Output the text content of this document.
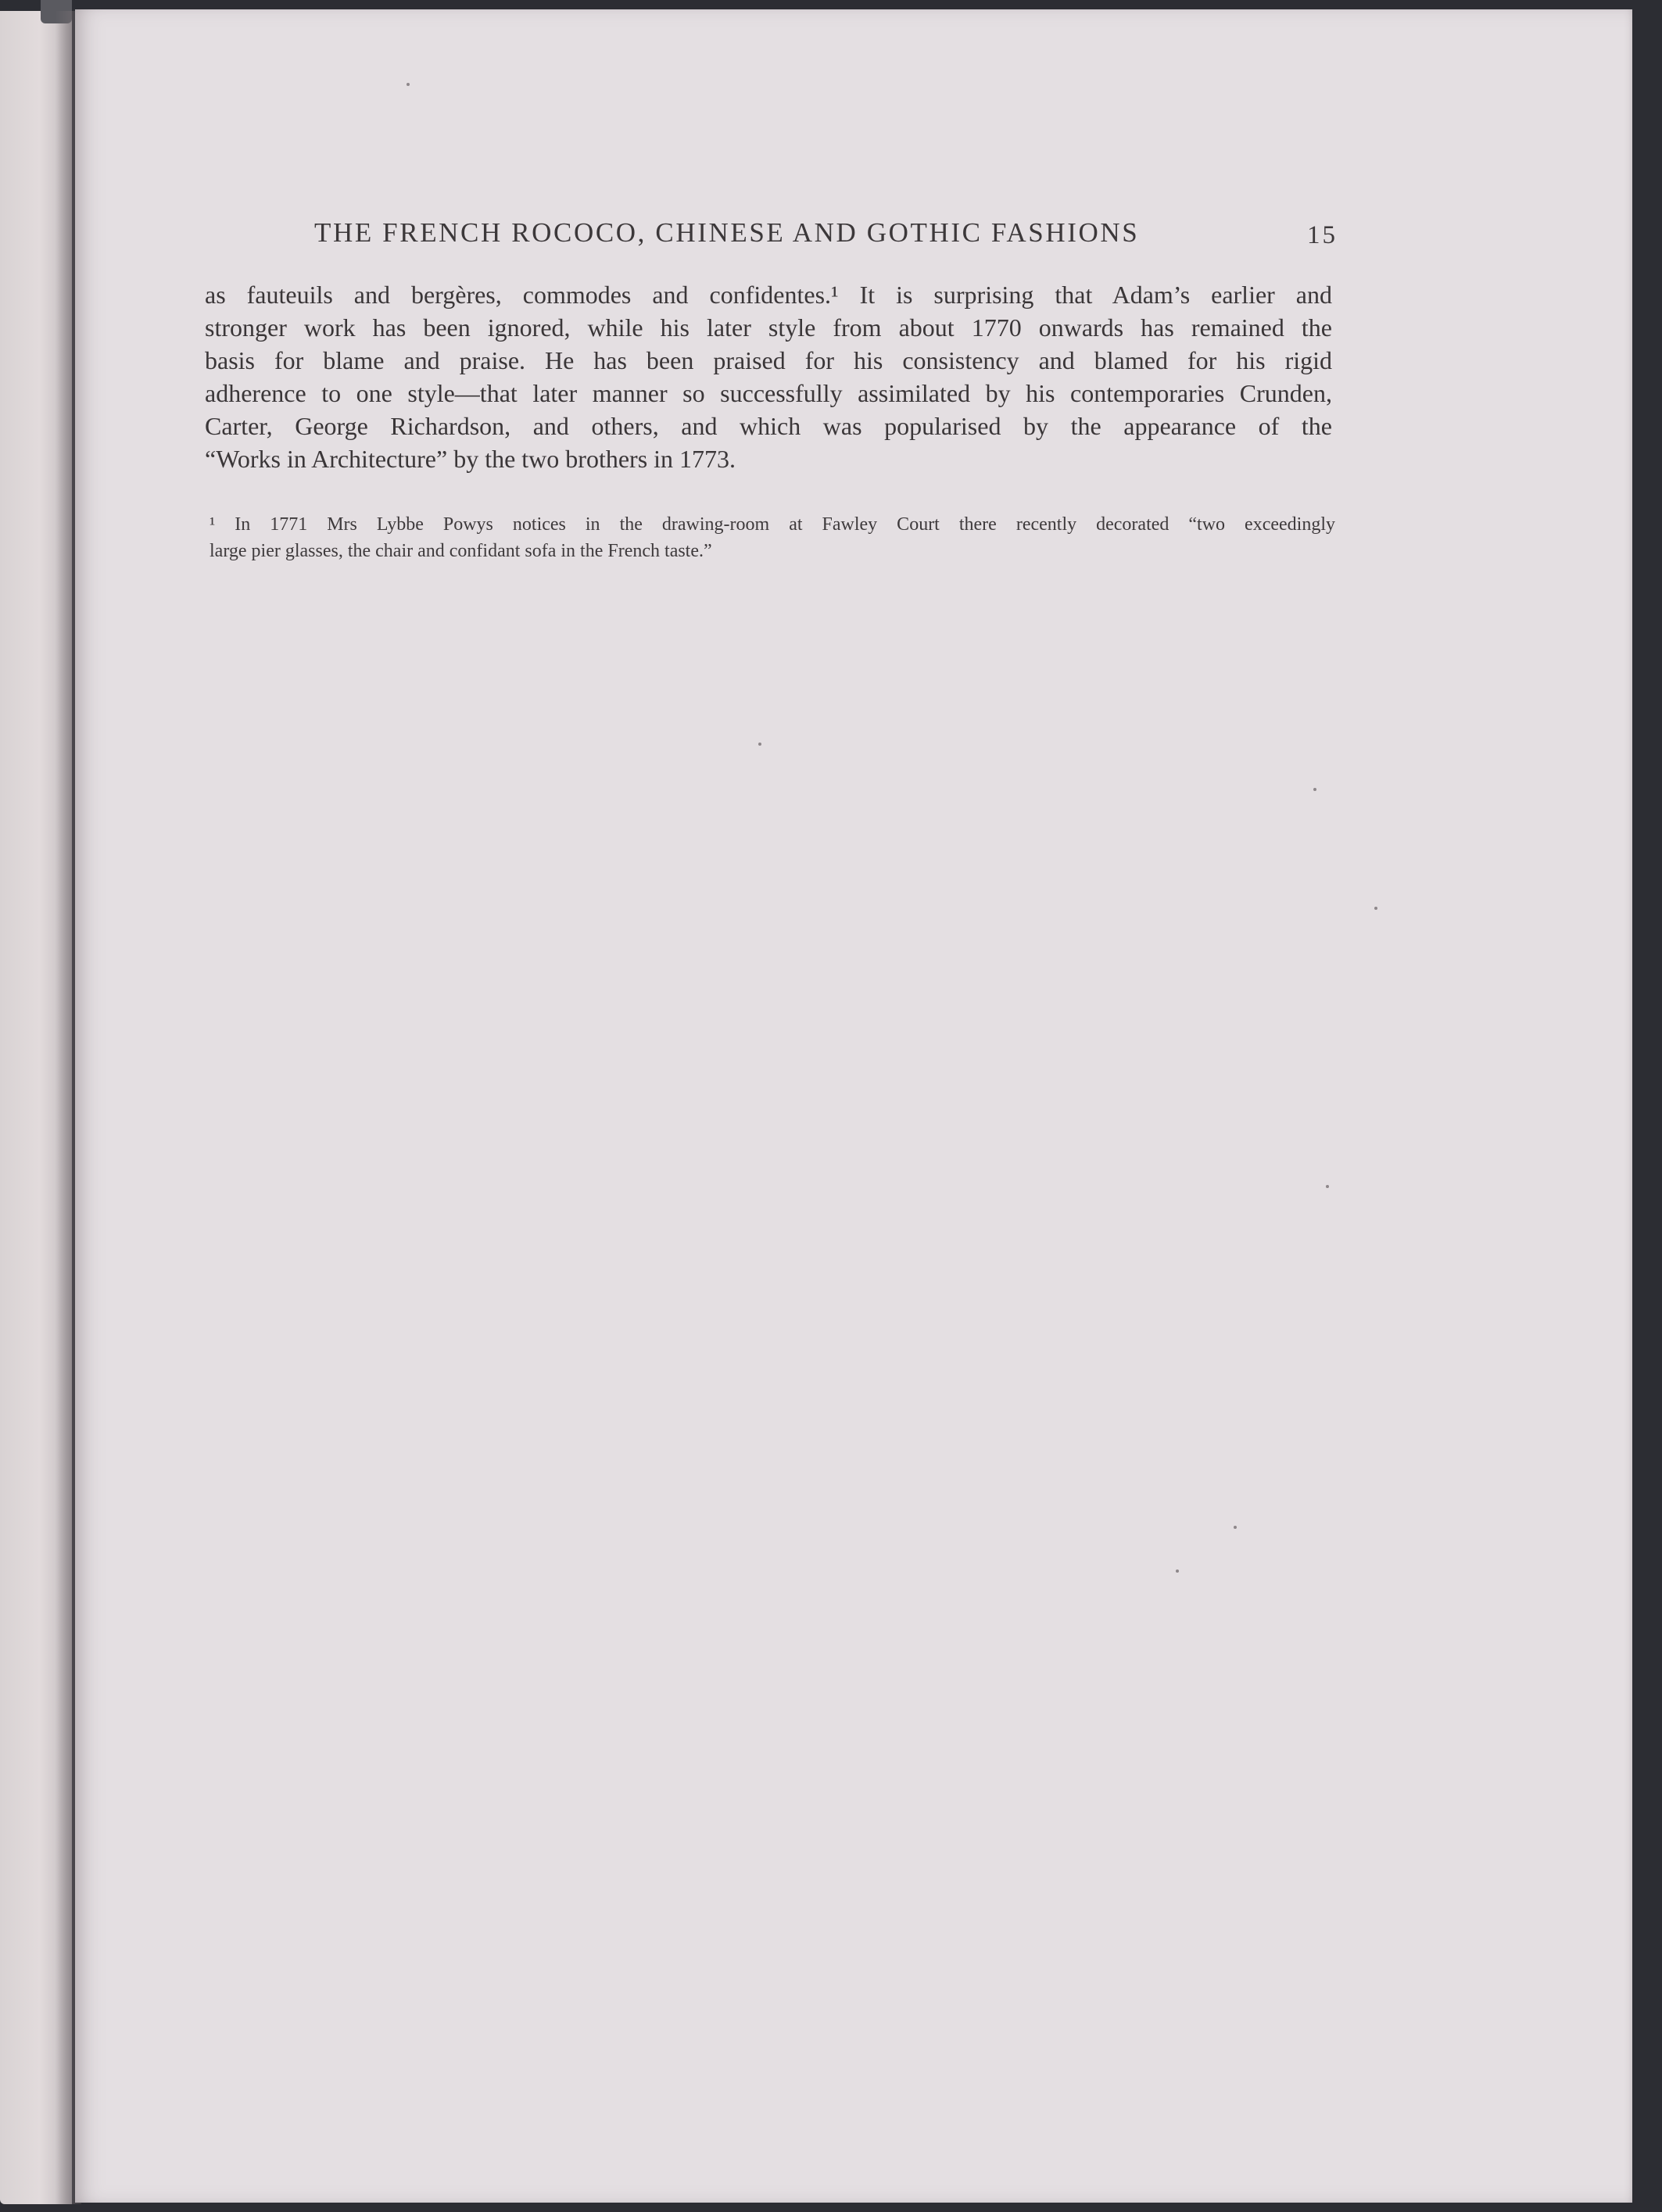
THE FRENCH ROCOCO, CHINESE AND GOTHIC FASHIONS	15
as fauteuils and bergères, commodes and confidentes.¹ It is surprising that Adam’s earlier and
stronger work has been ignored, while his later style from about 1770 onwards has remained the
basis for blame and praise. He has been praised for his consistency and blamed for his rigid
adherence to one style—that later manner so successfully assimilated by his contemporaries Crunden,
Carter, George Richardson, and others, and which was popularised by the appearance of the
“Works in Architecture” by the two brothers in 1773.
¹ In 1771 Mrs Lybbe Powys notices in the drawing-room at Fawley Court there recently decorated “two exceedingly
large pier glasses, the chair and confidant sofa in the French taste.”
